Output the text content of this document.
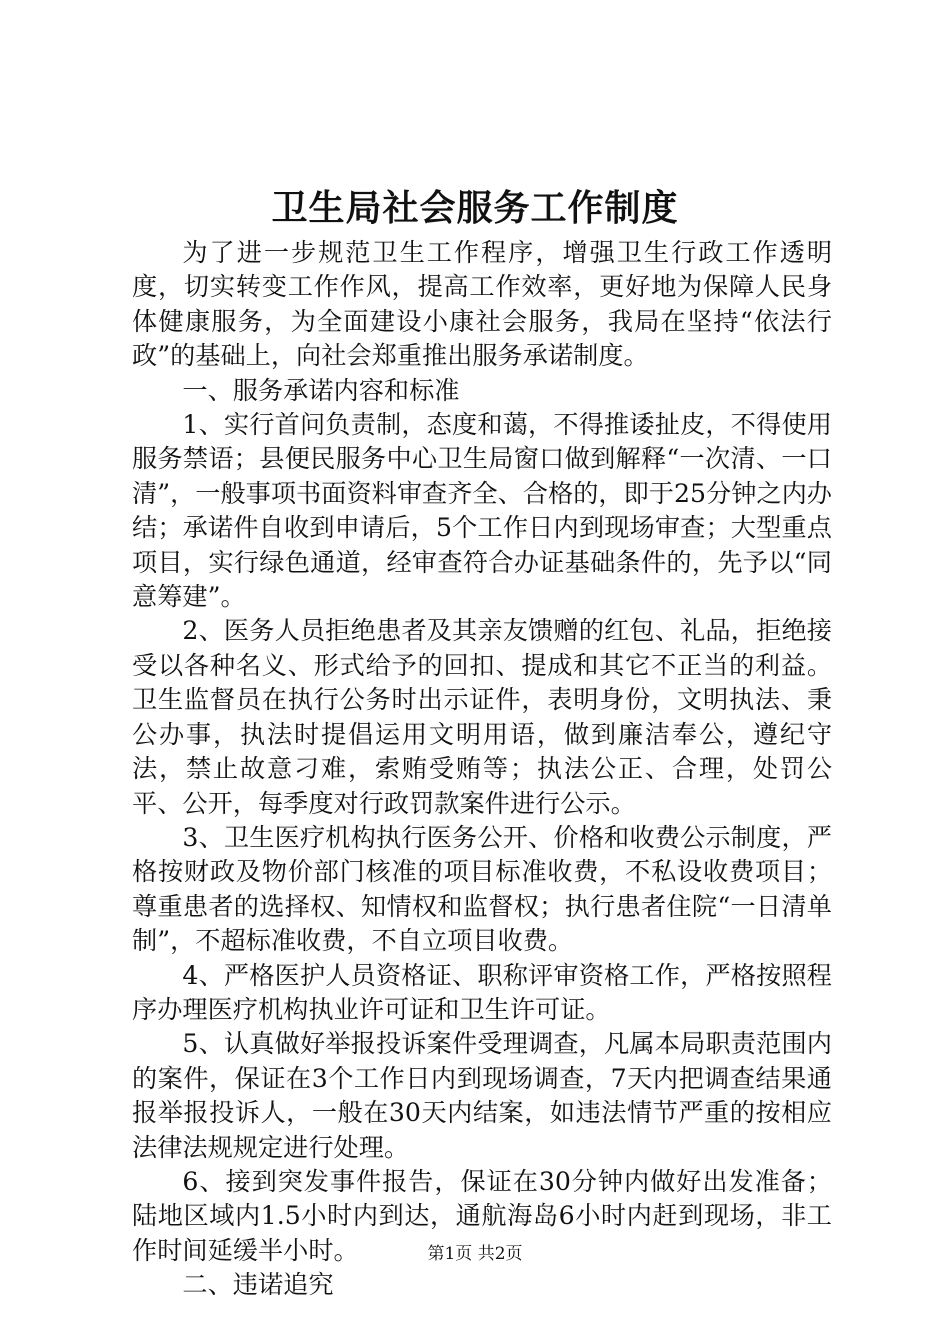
卫生局社会服务工作制度

为了进一步规范卫生工作程序，增强卫生行政工作透明度，切实转变工作作风，提高工作效率，更好地为保障人民身体健康服务，为全面建设小康社会服务，我局在坚持“依法行政”的基础上，向社会郑重推出服务承诺制度。

一、服务承诺内容和标准

1、实行首问负责制，态度和蔼，不得推诿扯皮，不得使用服务禁语；县便民服务中心卫生局窗口做到解释“一次清、一口清”，一般事项书面资料审查齐全、合格的，即于25分钟之内办结；承诺件自收到申请后，5个工作日内到现场审查；大型重点项目，实行绿色通道，经审查符合办证基础条件的，先予以“同意筹建”。

2、医务人员拒绝患者及其亲友馈赠的红包、礼品，拒绝接受以各种名义、形式给予的回扣、提成和其它不正当的利益。卫生监督员在执行公务时出示证件，表明身份，文明执法、秉公办事，执法时提倡运用文明用语，做到廉洁奉公，遵纪守法，禁止故意刁难，索贿受贿等；执法公正、合理，处罚公平、公开，每季度对行政罚款案件进行公示。

3、卫生医疗机构执行医务公开、价格和收费公示制度，严格按财政及物价部门核准的项目标准收费，不私设收费项目；尊重患者的选择权、知情权和监督权；执行患者住院“一日清单制”，不超标准收费，不自立项目收费。

4、严格医护人员资格证、职称评审资格工作，严格按照程序办理医疗机构执业许可证和卫生许可证。

5、认真做好举报投诉案件受理调查，凡属本局职责范围内的案件，保证在3个工作日内到现场调查，7天内把调查结果通报举报投诉人，一般在30天内结案，如违法情节严重的按相应法律法规规定进行处理。

6、接到突发事件报告，保证在30分钟内做好出发准备；陆地区域内1.5小时内到达，通航海岛6小时内赶到现场，非工作时间延缓半小时。

二、违诺追究

第1页 共2页
